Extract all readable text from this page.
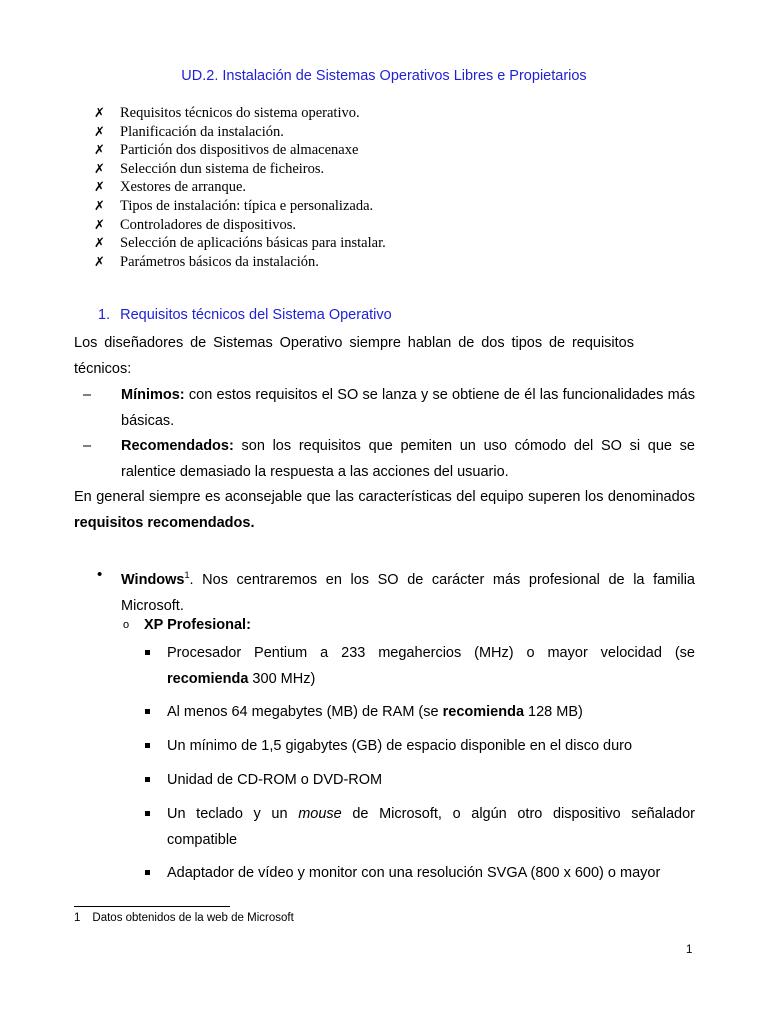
UD.2. Instalación de Sistemas Operativos Libres e Propietarios
✗ Requisitos técnicos do sistema operativo.
✗ Planificación da instalación.
✗ Partición dos dispositivos de almacenaxe
✗ Selección dun sistema de ficheiros.
✗ Xestores de arranque.
✗ Tipos de instalación: típica e personalizada.
✗ Controladores de dispositivos.
✗ Selección de aplicacións básicas para instalar.
✗ Parámetros básicos da instalación.
1. Requisitos técnicos del Sistema Operativo
Los diseñadores de Sistemas Operativo siempre hablan de dos tipos de requisitos técnicos:
– Mínimos: con estos requisitos el SO se lanza y se obtiene de él las funcionalidades más básicas.
– Recomendados: son los requisitos que pemiten un uso cómodo del SO si que se ralentice demasiado la respuesta a las acciones del usuario.
En general siempre es aconsejable que las características del equipo superen los denominados requisitos recomendados.
• Windows$^1$. Nos centraremos en los SO de carácter más profesional de la familia Microsoft.
o XP Profesional:
Procesador Pentium a 233 megahercios (MHz) o mayor velocidad (se recomienda 300 MHz)
Al menos 64 megabytes (MB) de RAM (se recomienda 128 MB)
Un mínimo de 1,5 gigabytes (GB) de espacio disponible en el disco duro
Unidad de CD-ROM o DVD-ROM
Un teclado y un mouse de Microsoft, o algún otro dispositivo señalador compatible
Adaptador de vídeo y monitor con una resolución SVGA (800 x 600) o mayor
1 Datos obtenidos de la web de Microsoft
1
